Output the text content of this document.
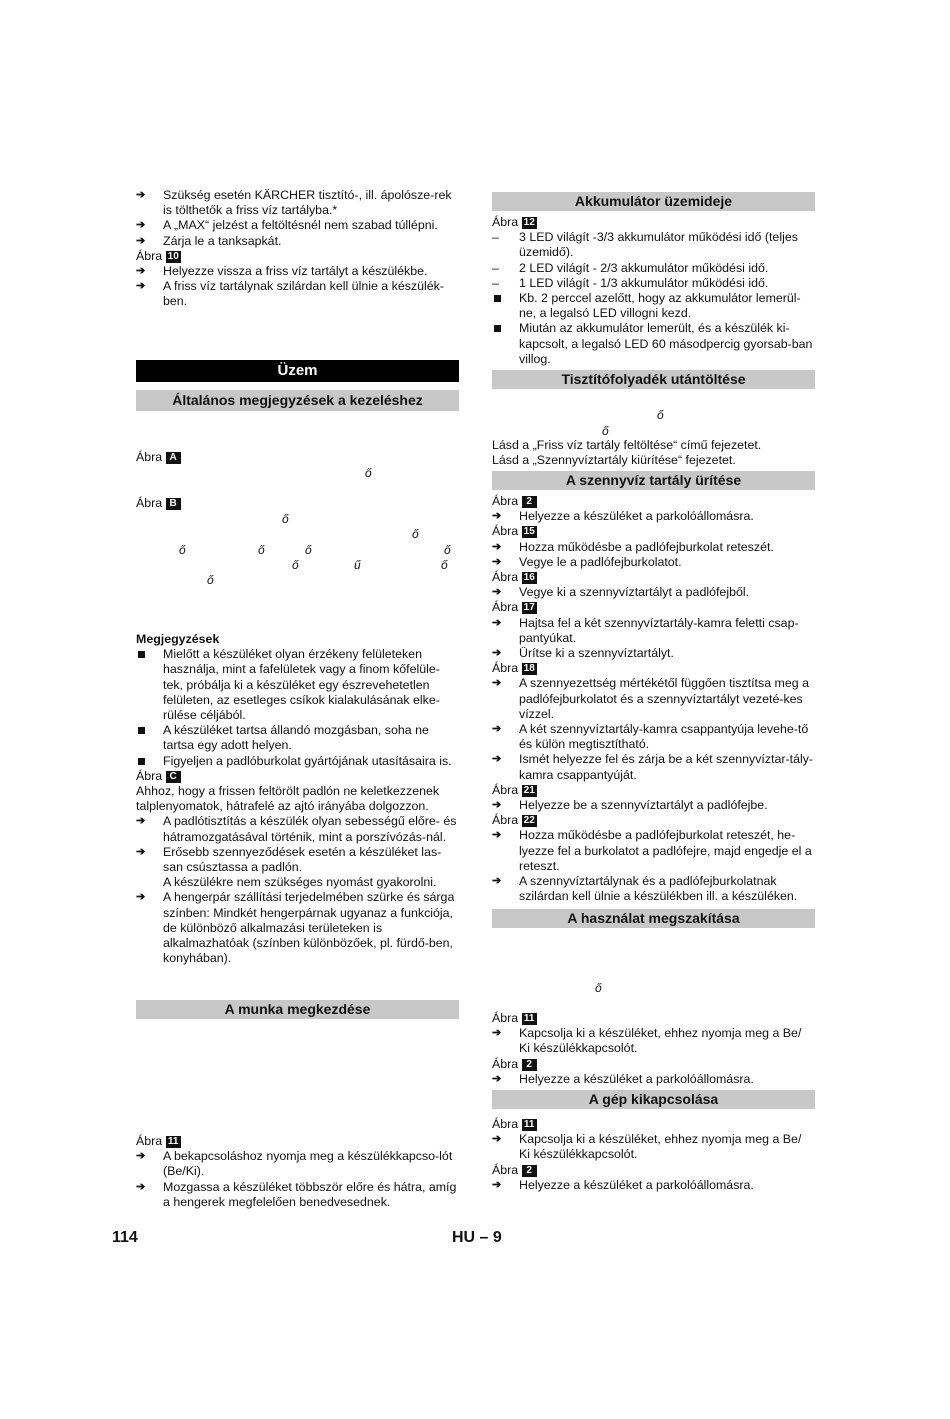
➔ Szükség esetén KÄRCHER tisztító-, ill. ápolósze-rek is tölthetők a friss víz tartályba.*

➔ A „MAX“ jelzést a feltöltésnél nem szabad túllépni.

➔ Zárja le a tanksapkát.

Ábra 10

➔ Helyezze vissza a friss víz tartályt a készülékbe.

➔ A friss víz tartálynak szilárdan kell ülnie a készülék-ben.

Üzem
Általános megjegyzések a kezeléshez

Ábra A

ő

Ábra B

ő
ő
ő	ő	ő	ő
ő	ű	ő
ő

Megjegyzések

Mielőtt a készüléket olyan érzékeny felületeken használja, mint a fafelületek vagy a finom kőfelüle-tek, próbálja ki a készüléket egy észrevehetetlen felületen, az esetleges csíkok kialakulásának elke-rülése céljából.

A készüléket tartsa állandó mozgásban, soha ne tartsa egy adott helyen.

Figyeljen a padlóburkolat gyártójának utasításaira is.

Ábra C

Ahhoz, hogy a frissen feltörölt padlón ne keletkezzenek talplenyomatok, hátrafelé az ajtó irányába dolgozzon.

➔ A padlótisztítás a készülék olyan sebességű előre- és hátramozgatásával történik, mint a porszívózás-nál.

➔ Erősebb szennyeződések esetén a készüléket las-san csúsztassa a padlón.

A készülékre nem szükséges nyomást gyakorolni.

➔ A hengerpár szállítási terjedelmében szürke és sárga színben: Mindkét hengerpárnak ugyanaz a funkciója, de különböző alkalmazási területeken is alkalmazhatóak (színben különbözőek, pl. fürdő-ben, konyhában).

A munka megkezdése

Ábra 11

➔ A bekapcsoláshoz nyomja meg a készülékkapcso-lót (Be/Ki).

➔ Mozgassa a készüléket többször előre és hátra, amíg a hengerek megfelelően benedvesednek.

Akkumulátor üzemideje

Ábra 12

– 3 LED világít -3/3 akkumulátor működési idő (teljes üzemidő).

– 2 LED világít - 2/3 akkumulátor működési idő.

– 1 LED világít - 1/3 akkumulátor működési idő.

Kb. 2 perccel azelőtt, hogy az akkumulátor lemerül-ne, a legalsó LED villogni kezd.

Miután az akkumulátor lemerült, és a készülék ki-kapcsolt, a legalsó LED 60 másodpercig gyorsab-ban villog.

Tisztítófolyadék utántöltése
ő
ő

Lásd a „Friss víz tartály feltöltése“ című fejezetet.

Lásd a „Szennyvíztartály kiürítése“ fejezetet.

A szennyvíz tartály ürítése

Ábra 2

➔ Helyezze a készüléket a parkolóállomásra.

Ábra 15

➔ Hozza működésbe a padlófejburkolat reteszét.

➔ Vegye le a padlófejburkolatot.

Ábra 16

➔ Vegye ki a szennyvíztartályt a padlófejből.

Ábra 17

➔ Hajtsa fel a két szennyvíztartály-kamra feletti csap-pantyúkat.

➔ Ürítse ki a szennyvíztartályt.

Ábra 18

➔ A szennyezettség mértékétől függően tisztítsa meg a padlófejburkolatot és a szennyvíztartályt vezeté-kes vízzel.

➔ A két szennyvíztartály-kamra csappantyúja levehe-tő és külön megtisztítható.

➔ Ismét helyezze fel és zárja be a két szennyvíztar-tály-kamra csappantyúját.

Ábra 21

➔ Helyezze be a szennyvíztartályt a padlófejbe.

Ábra 22

➔ Hozza működésbe a padlófejburkolat reteszét, he-lyezze fel a burkolatot a padlófejre, majd engedje el a reteszt.

➔ A szennyvíztartálynak és a padlófejburkolatnak szilárdan kell ülnie a készülékben ill. a készüléken.

A használat megszakítása
ő

Ábra 11

➔ Kapcsolja ki a készüléket, ehhez nyomja meg a Be/ Ki készülékkapcsolót.

Ábra 2

➔ Helyezze a készüléket a parkolóállomásra.

A gép kikapcsolása

Ábra 11

➔ Kapcsolja ki a készüléket, ehhez nyomja meg a Be/ Ki készülékkapcsolót.

Ábra 2

➔ Helyezze a készüléket a parkolóállomásra.

114	HU – 9
